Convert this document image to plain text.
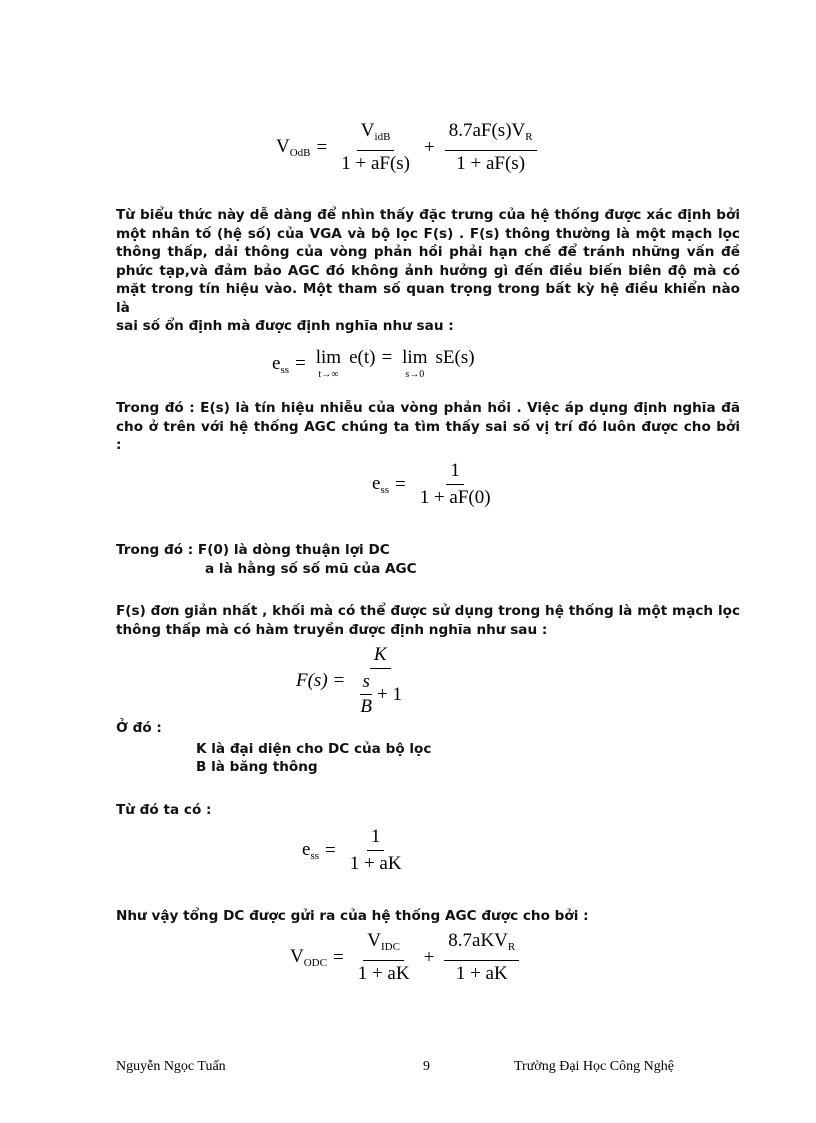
$V_{OdB} = \frac{V_{idB}}{1 + aF(s)} + \frac{8.7aF(s)V_R}{1 + aF(s)}$

Từ biểu thức này dễ dàng để nhìn thấy đặc trưng của hệ thống được xác định bởi

một nhân tố (hệ số) của VGA và bộ lọc F(s) . F(s) thông thường là một mạch lọc

thông thấp, dải thông của vòng phản hồi phải hạn chế để tránh những vấn đề

phức tạp,và đảm bảo AGC đó không ảnh hưởng gì đến điều biến biên độ mà có

mặt trong tín hiệu vào. Một tham số quan trọng trong bất kỳ hệ điều khiển nào là

sai số ổn định mà được định nghĩa như sau :

$e_{ss} = \lim$
t→∞
e(t) = lim
s→0
sE(s)

Trong đó : E(s) là tín hiệu nhiễu của vòng phản hồi . Việc áp dụng định nghĩa đã

cho ở trên với hệ thống AGC chúng ta tìm thấy sai số vị trí đó luôn được cho bởi

:

$e_{ss} = \frac{1}{1 + aF(0)}$

Trong đó : F(0) là dòng thuận lợi DC

a là hằng số số mũ của AGC

F(s) đơn giản nhất , khối mà có thể được sử dụng trong hệ thống là một mạch lọc

thông thấp mà có hàm truyền được định nghĩa như sau :

$F(s) = \frac{K}{\frac{s}{B} + 1}$

Ở đó :

K là đại diện cho DC của bộ lọc

B là băng thông

Từ đó ta có :

$e_{ss} = \frac{1}{1 + aK}$

Như vậy tổng DC được gửi ra của hệ thống AGC được cho bởi :

$V_{ODC} = \frac{V_{IDC}}{1 + aK} + \frac{8.7aKV_R}{1 + aK}$
Nguyễn Ngọc Tuấn	9	Trường Đại Học Công Nghệ
